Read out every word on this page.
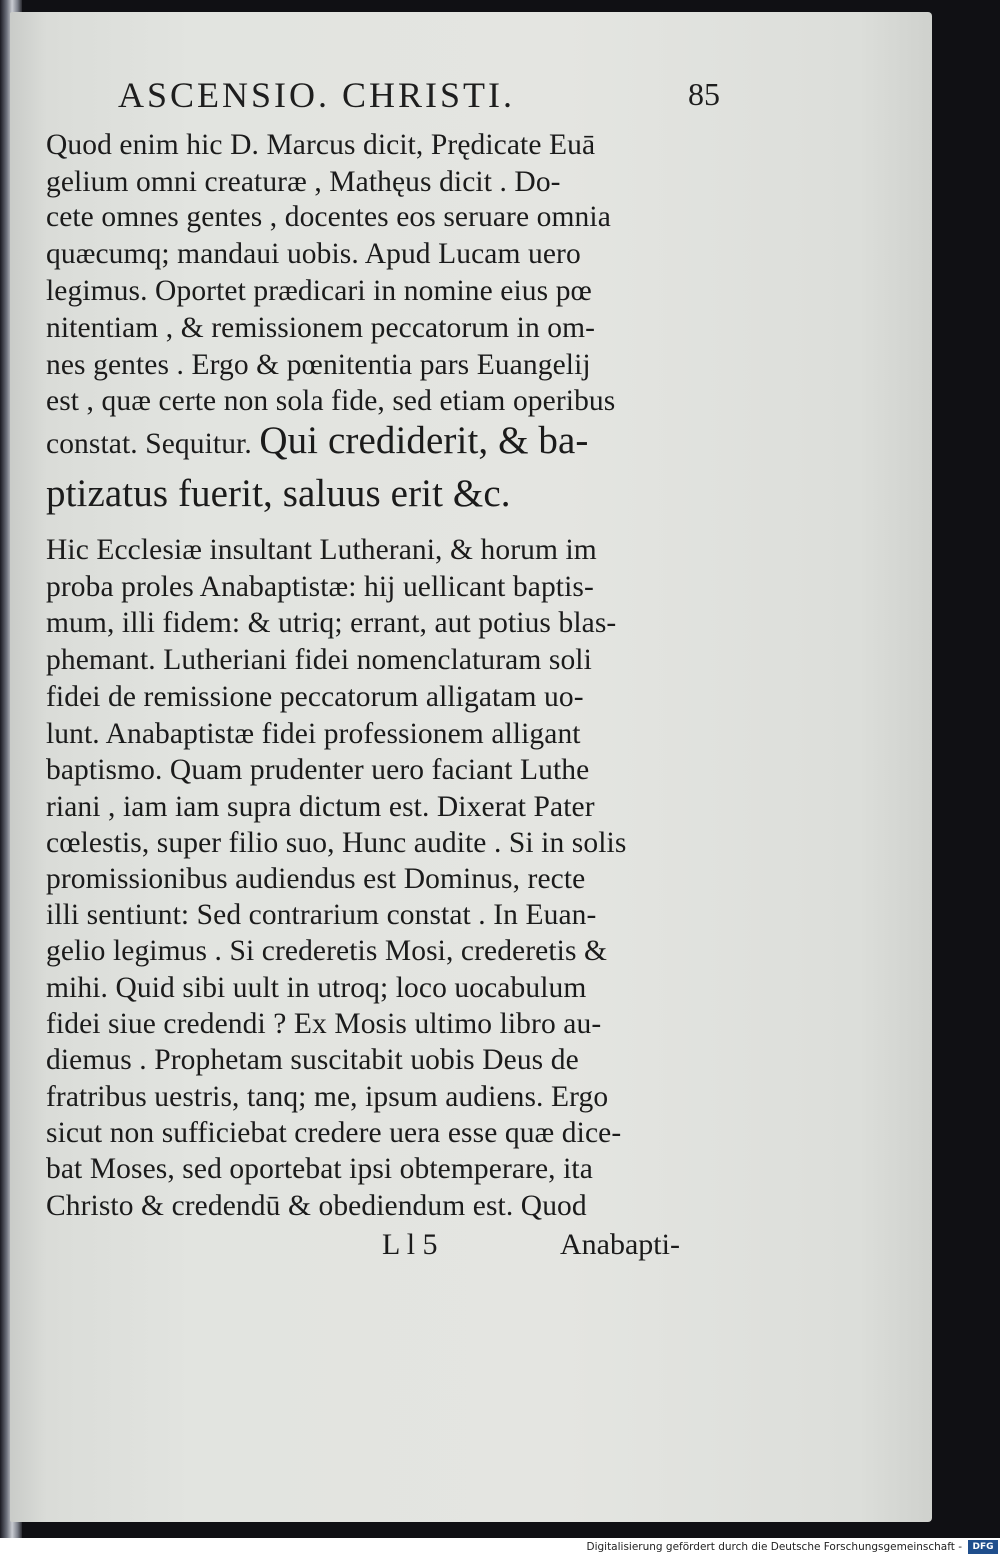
ASCENSIO. CHRISTI.	85
Quod enim hic D. Marcus dicit, Prędicate Euā
gelium omni creaturæ , Mathęus dicit . Do-
cete omnes gentes , docentes eos seruare omnia
quæcumq; mandaui uobis. Apud Lucam uero
legimus. Oportet prædicari in nomine eius pœ
nitentiam , & remissionem peccatorum in om-
nes gentes . Ergo & pœnitentia pars Euangelij
est , quæ certe non sola fide, sed etiam operibus
constat. Sequitur. Qui crediderit, & ba-
ptizatus fuerit, saluus erit &c.
Hic Ecclesiæ insultant Lutherani, & horum im
proba proles Anabaptistæ: hij uellicant baptis-
mum, illi fidem: & utriq; errant, aut potius blas-
phemant. Lutheriani fidei nomenclaturam soli
fidei de remissione peccatorum alligatam uo-
lunt. Anabaptistæ fidei professionem alligant
baptismo. Quam prudenter uero faciant Luthe
riani , iam iam supra dictum est. Dixerat Pater
cœlestis, super filio suo, Hunc audite . Si in solis
promissionibus audiendus est Dominus, recte
illi sentiunt: Sed contrarium constat . In Euan-
gelio legimus . Si crederetis Mosi, crederetis &
mihi. Quid sibi uult in utroq; loco uocabulum
fidei siue credendi ? Ex Mosis ultimo libro au-
diemus . Prophetam suscitabit uobis Deus de
fratribus uestris, tanq; me, ipsum audiens. Ergo
sicut non sufficiebat credere uera esse quæ dice-
bat Moses, sed oportebat ipsi obtemperare, ita
Christo & credendū & obediendum est. Quod
L l 5	Anabapti-
Digitalisierung gefördert durch die Deutsche Forschungsgemeinschaft -	DFG
